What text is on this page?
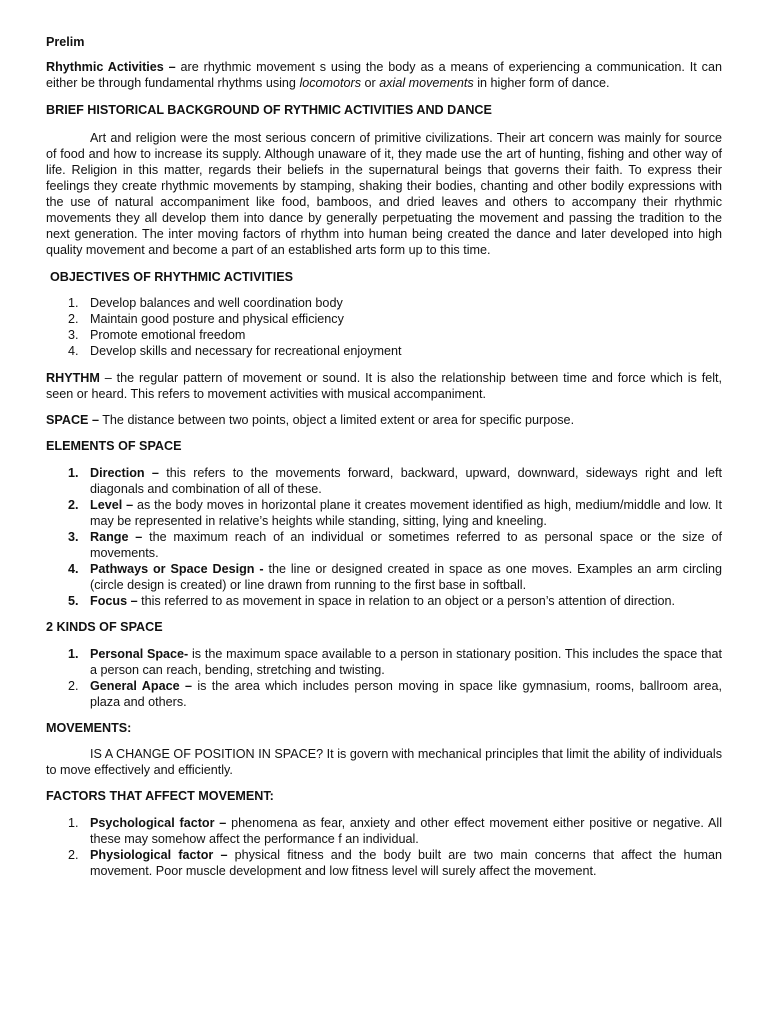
Prelim

Rhythmic Activities – are rhythmic movement s using the body as a means of experiencing a communication. It can either be through fundamental rhythms using locomotors or axial movements in higher form of dance.

BRIEF HISTORICAL BACKGROUND OF RYTHMIC ACTIVITIES AND DANCE

Art and religion were the most serious concern of primitive civilizations. Their art concern was mainly for source of food and how to increase its supply. Although unaware of it, they made use the art of hunting, fishing and other way of life. Religion in this matter, regards their beliefs in the supernatural beings that governs their faith. To express their feelings they create rhythmic movements by stamping, shaking their bodies, chanting and other bodily expressions with the use of natural accompaniment like food, bamboos, and dried leaves and others to accompany their rhythmic movements they all develop them into dance by generally perpetuating the movement and passing the tradition to the next generation. The inter moving factors of rhythm into human being created the dance and later developed into high quality movement and become a part of an established arts form up to this time.

OBJECTIVES OF RHYTHMIC ACTIVITIES
1. Develop balances and well coordination body
2. Maintain good posture and physical efficiency
3. Promote emotional freedom
4. Develop skills and necessary for recreational enjoyment

RHYTHM – the regular pattern of movement or sound. It is also the relationship between time and force which is felt, seen or heard. This refers to movement activities with musical accompaniment.

SPACE – The distance between two points, object a limited extent or area for specific purpose.

ELEMENTS OF SPACE
1. Direction – this refers to the movements forward, backward, upward, downward, sideways right and left diagonals and combination of all of these.
2. Level – as the body moves in horizontal plane it creates movement identified as high, medium/middle and low. It may be represented in relative’s heights while standing, sitting, lying and kneeling.
3. Range – the maximum reach of an individual or sometimes referred to as personal space or the size of movements.
4. Pathways or Space Design - the line or designed created in space as one moves. Examples an arm circling (circle design is created) or line drawn from running to the first base in softball.
5. Focus – this referred to as movement in space in relation to an object or a person’s attention of direction.
2 KINDS OF SPACE
1. Personal Space- is the maximum space available to a person in stationary position. This includes the space that a person can reach, bending, stretching and twisting.
2. General Apace – is the area which includes person moving in space like gymnasium, rooms, ballroom area, plaza and others.
MOVEMENTS:

IS A CHANGE OF POSITION IN SPACE? It is govern with mechanical principles that limit the ability of individuals to move effectively and efficiently.

FACTORS THAT AFFECT MOVEMENT:
1. Psychological factor – phenomena as fear, anxiety and other effect movement either positive or negative. All these may somehow affect the performance f an individual.
2. Physiological factor – physical fitness and the body built are two main concerns that affect the human movement. Poor muscle development and low fitness level will surely affect the movement.
